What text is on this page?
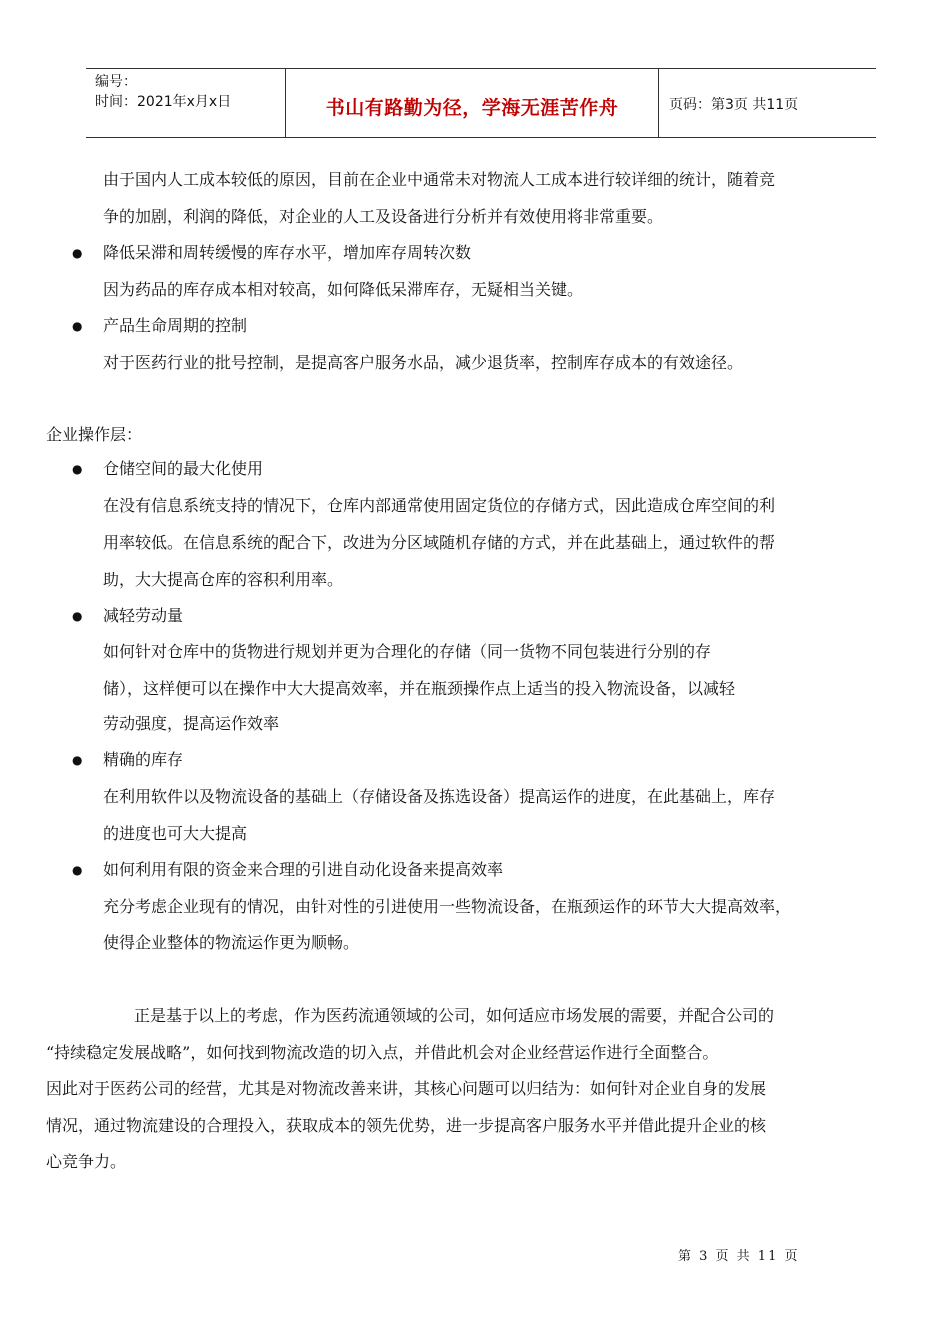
编号：
时间：2021年x月x日	书山有路勤为径，学海无涯苦作舟	页码：第3页 共11页
由于国内人工成本较低的原因，目前在企业中通常未对物流人工成本进行较详细的统计，随着竞
争的加剧，利润的降低，对企业的人工及设备进行分析并有效使用将非常重要。
● 降低呆滞和周转缓慢的库存水平，增加库存周转次数
因为药品的库存成本相对较高，如何降低呆滞库存，无疑相当关键。
● 产品生命周期的控制
对于医药行业的批号控制，是提高客户服务水品，减少退货率，控制库存成本的有效途径。
企业操作层：
● 仓储空间的最大化使用
在没有信息系统支持的情况下，仓库内部通常使用固定货位的存储方式，因此造成仓库空间的利
用率较低。在信息系统的配合下，改进为分区域随机存储的方式，并在此基础上，通过软件的帮
助，大大提高仓库的容积利用率。
● 减轻劳动量
如何针对仓库中的货物进行规划并更为合理化的存储（同一货物不同包装进行分别的存
储），这样便可以在操作中大大提高效率，并在瓶颈操作点上适当的投入物流设备，以减轻
劳动强度，提高运作效率
● 精确的库存
在利用软件以及物流设备的基础上（存储设备及拣选设备）提高运作的进度，在此基础上，库存
的进度也可大大提高
● 如何利用有限的资金来合理的引进自动化设备来提高效率
充分考虑企业现有的情况，由针对性的引进使用一些物流设备，在瓶颈运作的环节大大提高效率，
使得企业整体的物流运作更为顺畅。
正是基于以上的考虑，作为医药流通领域的公司，如何适应市场发展的需要，并配合公司的
“持续稳定发展战略”，如何找到物流改造的切入点，并借此机会对企业经营运作进行全面整合。
因此对于医药公司的经营，尤其是对物流改善来讲，其核心问题可以归结为：如何针对企业自身的发展
情况，通过物流建设的合理投入，获取成本的领先优势，进一步提高客户服务水平并借此提升企业的核
心竞争力。
第 3 页 共 11 页
